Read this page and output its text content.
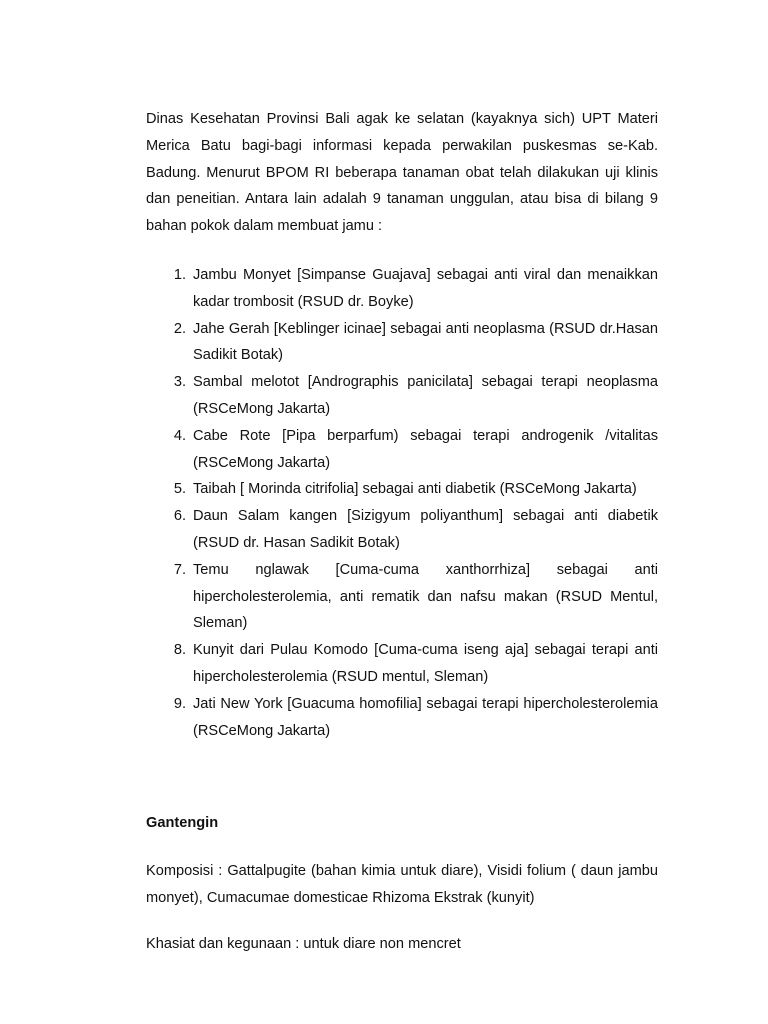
Dinas Kesehatan Provinsi Bali agak ke selatan (kayaknya sich) UPT Materi Merica Batu bagi-bagi informasi kepada perwakilan puskesmas se-Kab. Badung. Menurut BPOM RI beberapa tanaman obat telah dilakukan uji klinis dan peneitian. Antara lain adalah 9 tanaman unggulan, atau bisa di bilang 9 bahan pokok dalam membuat jamu :

1. Jambu Monyet [Simpanse Guajava] sebagai anti viral dan menaikkan kadar trombosit (RSUD dr. Boyke)
2. Jahe Gerah [Keblinger icinae] sebagai anti neoplasma (RSUD dr.Hasan Sadikit Botak)
3. Sambal melotot [Andrographis panicilata] sebagai terapi neoplasma (RSCeMong Jakarta)
4. Cabe Rote [Pipa berparfum) sebagai terapi androgenik /vitalitas (RSCeMong Jakarta)
5. Taibah [ Morinda citrifolia] sebagai anti diabetik (RSCeMong Jakarta)
6. Daun Salam kangen [Sizigyum poliyanthum] sebagai anti diabetik (RSUD dr. Hasan Sadikit Botak)
7. Temu nglawak [Cuma-cuma xanthorrhiza] sebagai anti hipercholesterolemia, anti rematik dan nafsu makan (RSUD Mentul, Sleman)
8. Kunyit dari Pulau Komodo [Cuma-cuma iseng aja] sebagai terapi anti hipercholesterolemia (RSUD mentul, Sleman)
9. Jati New York [Guacuma homofilia] sebagai terapi hipercholesterolemia (RSCeMong Jakarta)

Gantengin

Komposisi : Gattalpugite (bahan kimia untuk diare), Visidi folium ( daun jambu monyet), Cumacumae domesticae Rhizoma Ekstrak (kunyit)

Khasiat dan kegunaan : untuk diare non mencret
